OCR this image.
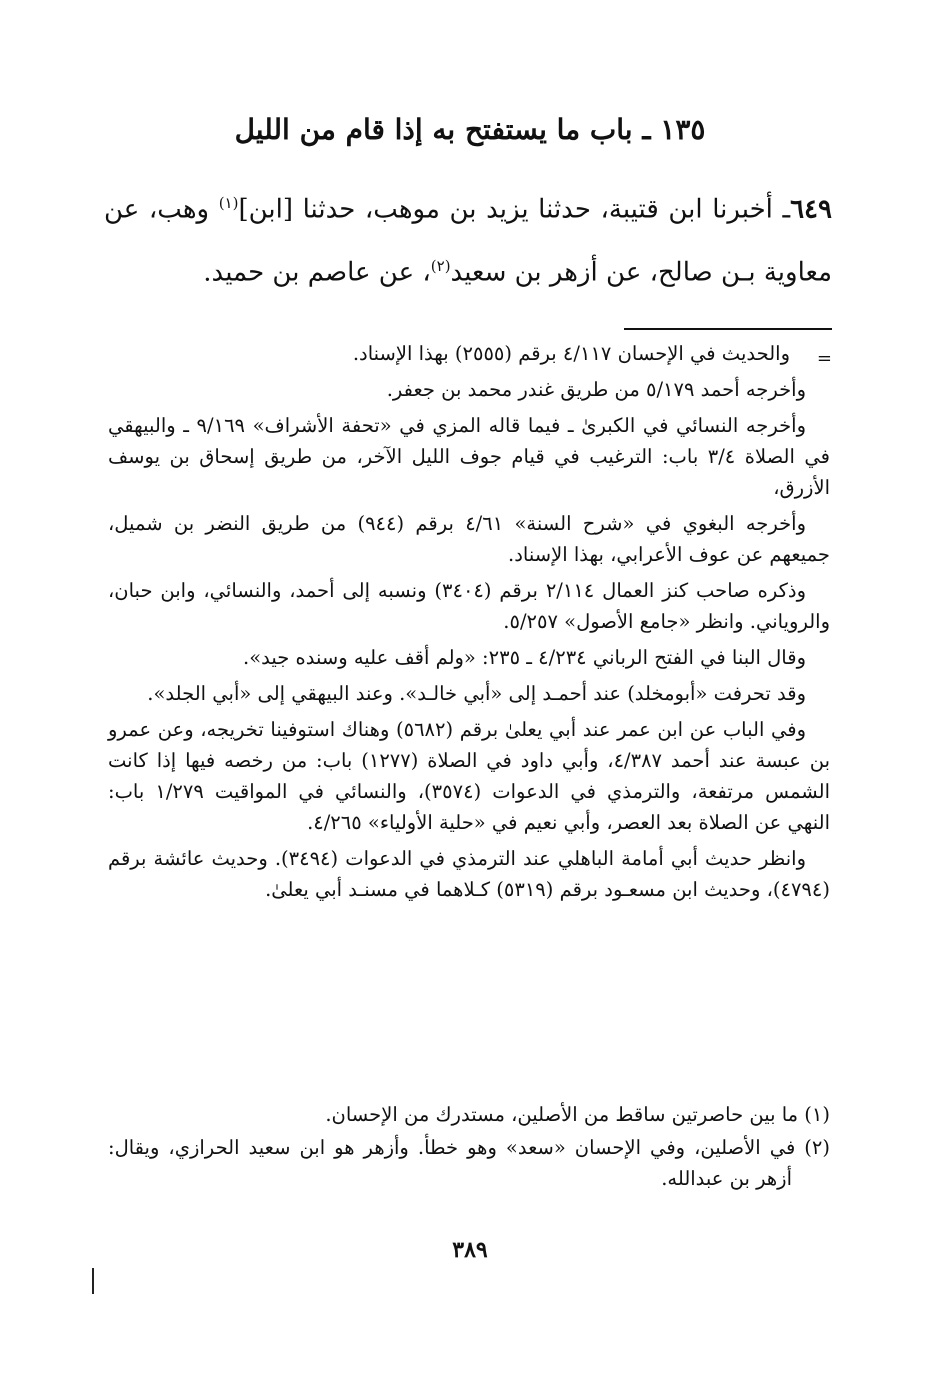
١٣٥ ـ باب ما يستفتح به إذا قام من الليل
٦٤٩ـ أخبرنا ابن قتيبة، حدثنا يزيد بن موهب، حدثنا [ابن]$^{(١)}$ وهب، عن معاوية بـن صالح، عن أزهر بن سعيد$^{(٢)}$، عن عاصم بن حميد.
=

والحديث في الإحسان ٤/١١٧ برقم (٢٥٥٥) بهذا الإسناد.

وأخرجه أحمد ٥/١٧٩ من طريق غندر محمد بن جعفر.

وأخرجه النسائي في الكبرىٰ ـ فيما قاله المزي في «تحفة الأشراف» ٩/١٦٩ ـ والبيهقي في الصلاة ٣/٤ باب: الترغيب في قيام جوف الليل الآخر، من طريق إسحاق بن يوسف الأزرق،

وأخرجه البغوي في «شرح السنة» ٤/٦١ برقم (٩٤٤) من طريق النضر بن شميل، جميعهم عن عوف الأعرابي، بهذا الإسناد.

وذكره صاحب كنز العمال ٢/١١٤ برقم (٣٤٠٤) ونسبه إلى أحمد، والنسائي، وابن حبان، والروياني. وانظر «جامع الأصول» ٥/٢٥٧.

وقال البنا في الفتح الرباني ٤/٢٣٤ ـ ٢٣٥: «ولم أقف عليه وسنده جيد».

وقد تحرفت «أبومخلد) عند أحمـد إلى «أبي خالـد». وعند البيهقي إلى «أبي الجلد».

وفي الباب عن ابن عمر عند أبي يعلىٰ برقم (٥٦٨٢) وهناك استوفينا تخريجه، وعن عمرو بن عبسة عند أحمد ٤/٣٨٧، وأبي داود في الصلاة (١٢٧٧) باب: من رخصه فيها إذا كانت الشمس مرتفعة، والترمذي في الدعوات (٣٥٧٤)، والنسائي في المواقيت ١/٢٧٩ باب: النهي عن الصلاة بعد العصر، وأبي نعيم في «حلية الأولياء» ٤/٢٦٥.

وانظر حديث أبي أمامة الباهلي عند الترمذي في الدعوات (٣٤٩٤). وحديث عائشة برقم (٤٧٩٤)، وحديث ابن مسعـود برقم (٥٣١٩) كـلاهما في مسنـد أبي يعلىٰ.

(١) ما بين حاصرتين ساقط من الأصلين، مستدرك من الإحسان.

(٢) في الأصلين، وفي الإحسان «سعد» وهو خطأ. وأزهر هو ابن سعيد الحرازي، ويقال: أزهر بن عبدالله.

٣٨٩
